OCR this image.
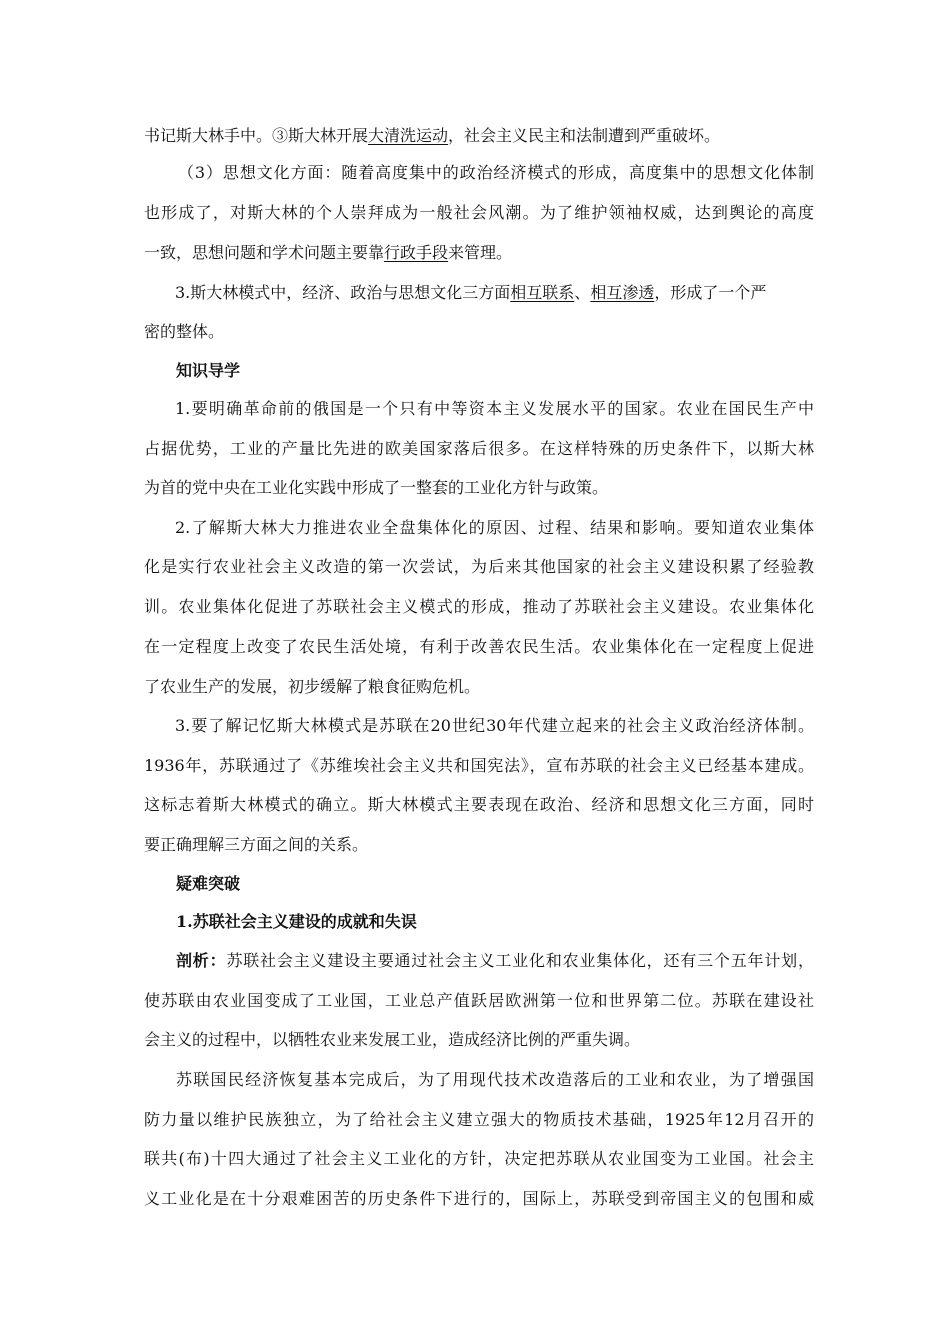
书记斯大林手中。③斯大林开展大清洗运动，社会主义民主和法制遭到严重破坏。
（3）思想文化方面：随着高度集中的政治经济模式的形成，高度集中的思想文化体制
也形成了，对斯大林的个人崇拜成为一般社会风潮。为了维护领袖权威，达到舆论的高度
一致，思想问题和学术问题主要靠行政手段来管理。
3.斯大林模式中，经济、政治与思想文化三方面相互联系、相互渗透，形成了一个严
密的整体。
知识导学
1.要明确革命前的俄国是一个只有中等资本主义发展水平的国家。农业在国民生产中
占据优势，工业的产量比先进的欧美国家落后很多。在这样特殊的历史条件下，以斯大林
为首的党中央在工业化实践中形成了一整套的工业化方针与政策。
2.了解斯大林大力推进农业全盘集体化的原因、过程、结果和影响。要知道农业集体
化是实行农业社会主义改造的第一次尝试，为后来其他国家的社会主义建设积累了经验教
训。农业集体化促进了苏联社会主义模式的形成，推动了苏联社会主义建设。农业集体化
在一定程度上改变了农民生活处境，有利于改善农民生活。农业集体化在一定程度上促进
了农业生产的发展，初步缓解了粮食征购危机。
3.要了解记忆斯大林模式是苏联在20世纪30年代建立起来的社会主义政治经济体制。
1936年，苏联通过了《苏维埃社会主义共和国宪法》，宣布苏联的社会主义已经基本建成。
这标志着斯大林模式的确立。斯大林模式主要表现在政治、经济和思想文化三方面，同时
要正确理解三方面之间的关系。
疑难突破
1.苏联社会主义建设的成就和失误
剖析：苏联社会主义建设主要通过社会主义工业化和农业集体化，还有三个五年计划，
使苏联由农业国变成了工业国，工业总产值跃居欧洲第一位和世界第二位。苏联在建设社
会主义的过程中，以牺牲农业来发展工业，造成经济比例的严重失调。
苏联国民经济恢复基本完成后，为了用现代技术改造落后的工业和农业，为了增强国
防力量以维护民族独立，为了给社会主义建立强大的物质技术基础，1925年12月召开的
联共(布)十四大通过了社会主义工业化的方针，决定把苏联从农业国变为工业国。社会主
义工业化是在十分艰难困苦的历史条件下进行的，国际上，苏联受到帝国主义的包围和威
